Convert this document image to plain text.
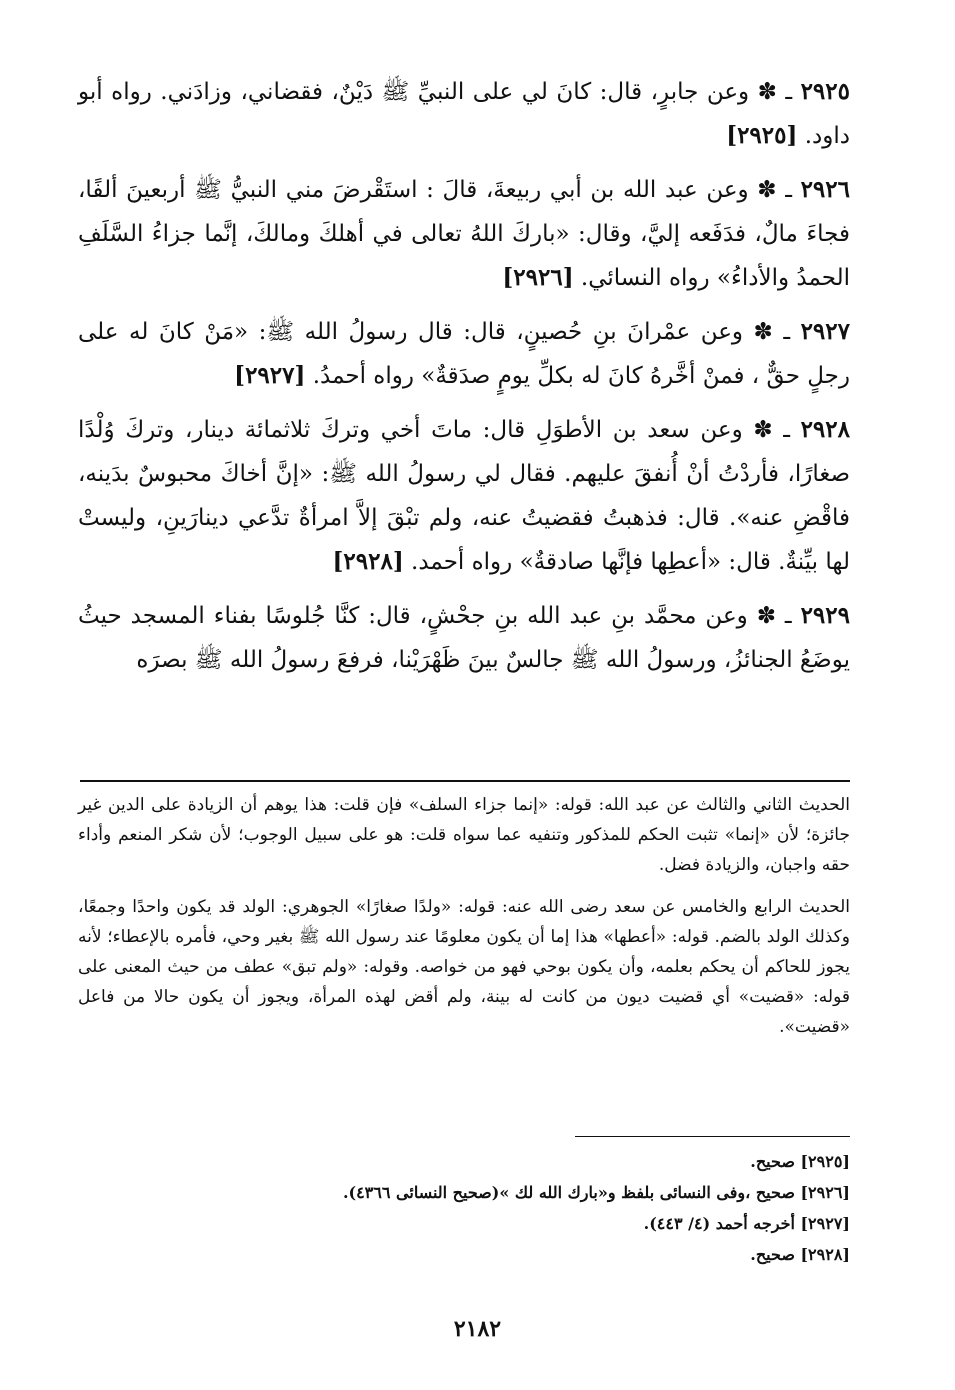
٢٩٢٥ ـ ✽ وعن جابرٍ، قال: كانَ لي على النبيِّ ﷺ دَيْنٌ، فقضاني، وزادَني. رواه أبو داود. [٢٩٢٥]

٢٩٢٦ ـ ✽ وعن عبد الله بن أبي ربيعةَ، قالَ : استَقْرضَ مني النبيُّ ﷺ أربعينَ ألفًا، فجاءَ مالٌ، فدَفَعه إليَّ، وقال: «باركَ اللهُ تعالى في أهلكَ ومالكَ، إنَّما جزاءُ السَّلَفِ الحمدُ والأداءُ» رواه النسائي. [٢٩٢٦]

٢٩٢٧ ـ ✽ وعن عمْرانَ بنِ حُصينٍ، قال: قال رسولُ الله ﷺ: «مَنْ كانَ له على رجلٍ حقٌّ ، فمنْ أخَّرهُ كانَ له بكلِّ يومٍ صدَقةٌ» رواه أحمدُ. [٢٩٢٧]

٢٩٢٨ ـ ✽ وعن سعد بن الأطوَلِ قال: ماتَ أخي وتركَ ثلاثمائة دينار، وتركَ وُلْدًا صغارًا، فأردْتُ أنْ أُنفقَ عليهم. فقال لي رسولُ الله ﷺ: «إنَّ أخاكَ محبوسٌ بدَينه، فاقْضِ عنه». قال: فذهبتُ فقضيتُ عنه، ولم تبْقَ إلاَّ امرأةٌ تدَّعي دينارَينِ، وليستْ لها بيِّنةٌ. قال: «أعطِها فإنَّها صادقةٌ» رواه أحمد. [٢٩٢٨]

٢٩٢٩ ـ ✽ وعن محمَّد بنِ عبد الله بنِ جحْشٍ، قال: كنَّا جُلوسًا بفناء المسجد حيثُ يوضَعُ الجنائزُ، ورسولُ الله ﷺ جالسٌ بينَ ظَهْرَيْنا، فرفعَ رسولُ الله ﷺ بصرَه

الحديث الثاني والثالث عن عبد الله: قوله: «إنما جزاء السلف» فإن قلت: هذا يوهم أن الزيادة على الدين غير جائزة؛ لأن «إنما» تثبت الحكم للمذكور وتنفيه عما سواه قلت: هو على سبيل الوجوب؛ لأن شكر المنعم وأداء حقه واجبان، والزيادة فضل.

الحديث الرابع والخامس عن سعد رضى الله عنه: قوله: «ولدًا صغارًا» الجوهري: الولد قد يكون واحدًا وجمعًا، وكذلك الولد بالضم. قوله: «أعطها» هذا إما أن يكون معلومًا عند رسول الله ﷺ بغير وحي، فأمره بالإعطاء؛ لأنه يجوز للحاكم أن يحكم بعلمه، وأن يكون بوحي فهو من خواصه. وقوله: «ولم تبق» عطف من حيث المعنى على قوله: «قضيت» أي قضيت ديون من كانت له بينة، ولم أقض لهذه المرأة، ويجوز أن يكون حالا من فاعل «قضيت».

[٢٩٢٥] صحيح.
[٢٩٢٦] صحيح ،وفى النسائى بلفظ و«بارك الله لك »(صحيح النسائى ٤٣٦٦).
[٢٩٢٧] أخرجه أحمد (٤/ ٤٤٣).
[٢٩٢٨] صحيح.
٢١٨٢
